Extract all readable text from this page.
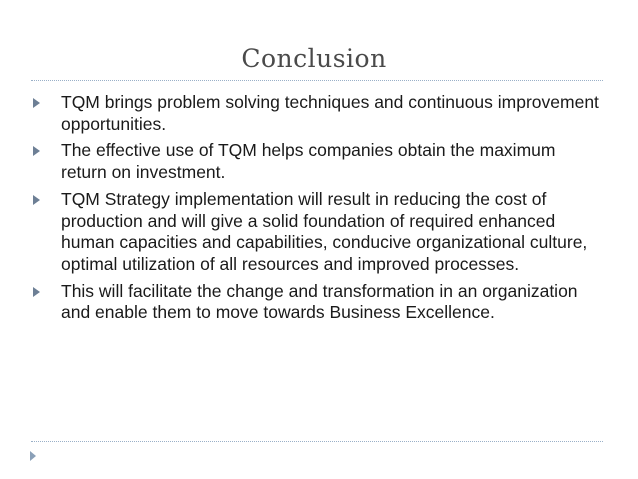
Conclusion
TQM brings problem solving techniques and continuous improvement opportunities.
The effective use of TQM helps companies obtain the maximum return on investment.
TQM Strategy implementation will result in reducing the cost of production and will give a solid foundation of required enhanced human capacities and capabilities, conducive organizational culture, optimal utilization of all resources and improved processes.
This will facilitate the change and transformation in an organization and enable them to move towards Business Excellence.
